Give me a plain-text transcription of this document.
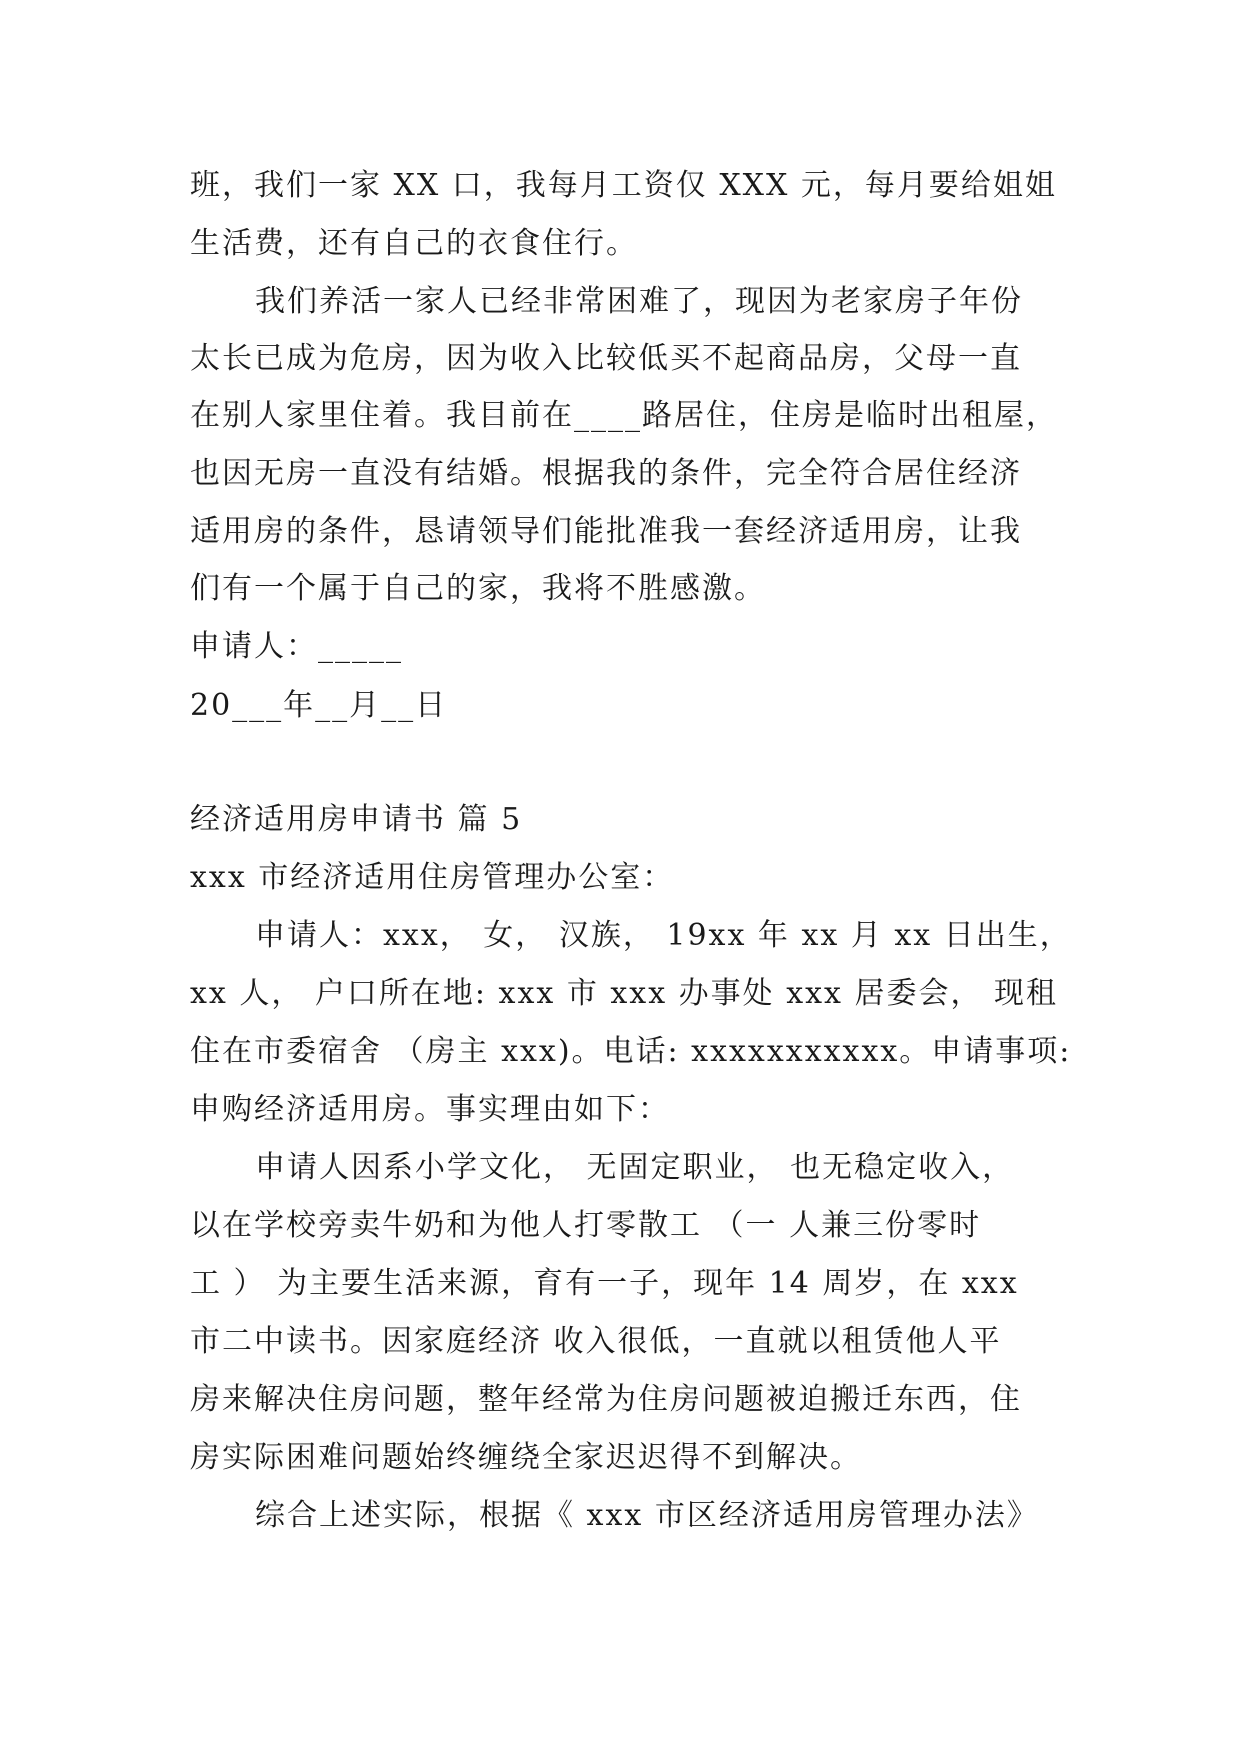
班，我们一家 XX 口，我每月工资仅 XXX 元，每月要给姐姐
生活费，还有自己的衣食住行。
我们养活一家人已经非常困难了，现因为老家房子年份
太长已成为危房，因为收入比较低买不起商品房，父母一直
在别人家里住着。我目前在____路居住，住房是临时出租屋，
也因无房一直没有结婚。根据我的条件，完全符合居住经济
适用房的条件，恳请领导们能批准我一套经济适用房，让我
们有一个属于自己的家，我将不胜感激。
申请人：_____
20___年__月__日
经济适用房申请书 篇 5
xxx 市经济适用住房管理办公室：
申请人：xxx， 女， 汉族， 19xx 年 xx 月 xx 日出生，
xx 人， 户口所在地: xxx 市 xxx 办事处 xxx 居委会， 现租
住在市委宿舍 （房主 xxx)。电话: xxxxxxxxxxx。申请事项:
申购经济适用房。事实理由如下：
申请人因系小学文化， 无固定职业， 也无稳定收入，
以在学校旁卖牛奶和为他人打零散工 （一 人兼三份零时
工 ） 为主要生活来源，育有一子，现年 14 周岁，在 xxx
市二中读书。因家庭经济 收入很低，一直就以租赁他人平
房来解决住房问题，整年经常为住房问题被迫搬迁东西，住
房实际困难问题始终缠绕全家迟迟得不到解决。
综合上述实际，根据《 xxx 市区经济适用房管理办法》
